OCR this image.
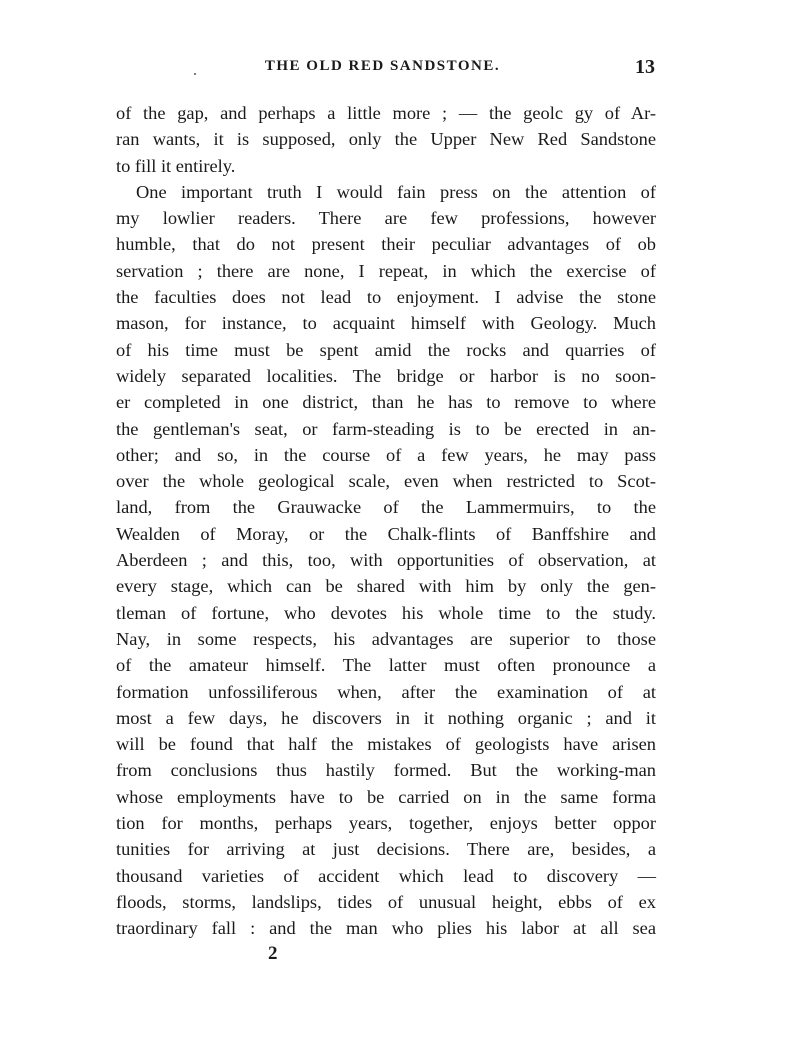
THE OLD RED SANDSTONE.	13
of the gap, and perhaps a little more ; — the geolc gy of Ar-
ran wants, it is supposed, only the Upper New Red Sandstone
to fill it entirely.
One important truth I would fain press on the attention of
my lowlier readers. There are few professions, however
humble, that do not present their peculiar advantages of ob
servation ; there are none, I repeat, in which the exercise of
the faculties does not lead to enjoyment. I advise the stone
mason, for instance, to acquaint himself with Geology. Much
of his time must be spent amid the rocks and quarries of
widely separated localities. The bridge or harbor is no soon-
er completed in one district, than he has to remove to where
the gentleman's seat, or farm-steading is to be erected in an-
other; and so, in the course of a few years, he may pass
over the whole geological scale, even when restricted to Scot-
land, from the Grauwacke of the Lammermuirs, to the
Wealden of Moray, or the Chalk-flints of Banffshire and
Aberdeen ; and this, too, with opportunities of observation, at
every stage, which can be shared with him by only the gen-
tleman of fortune, who devotes his whole time to the study.
Nay, in some respects, his advantages are superior to those
of the amateur himself. The latter must often pronounce a
formation unfossiliferous when, after the examination of at
most a few days, he discovers in it nothing organic ; and it
will be found that half the mistakes of geologists have arisen
from conclusions thus hastily formed. But the working-man
whose employments have to be carried on in the same forma
tion for months, perhaps years, together, enjoys better oppor
tunities for arriving at just decisions. There are, besides, a
thousand varieties of accident which lead to discovery —
floods, storms, landslips, tides of unusual height, ebbs of ex
traordinary fall : and the man who plies his labor at all sea
2
